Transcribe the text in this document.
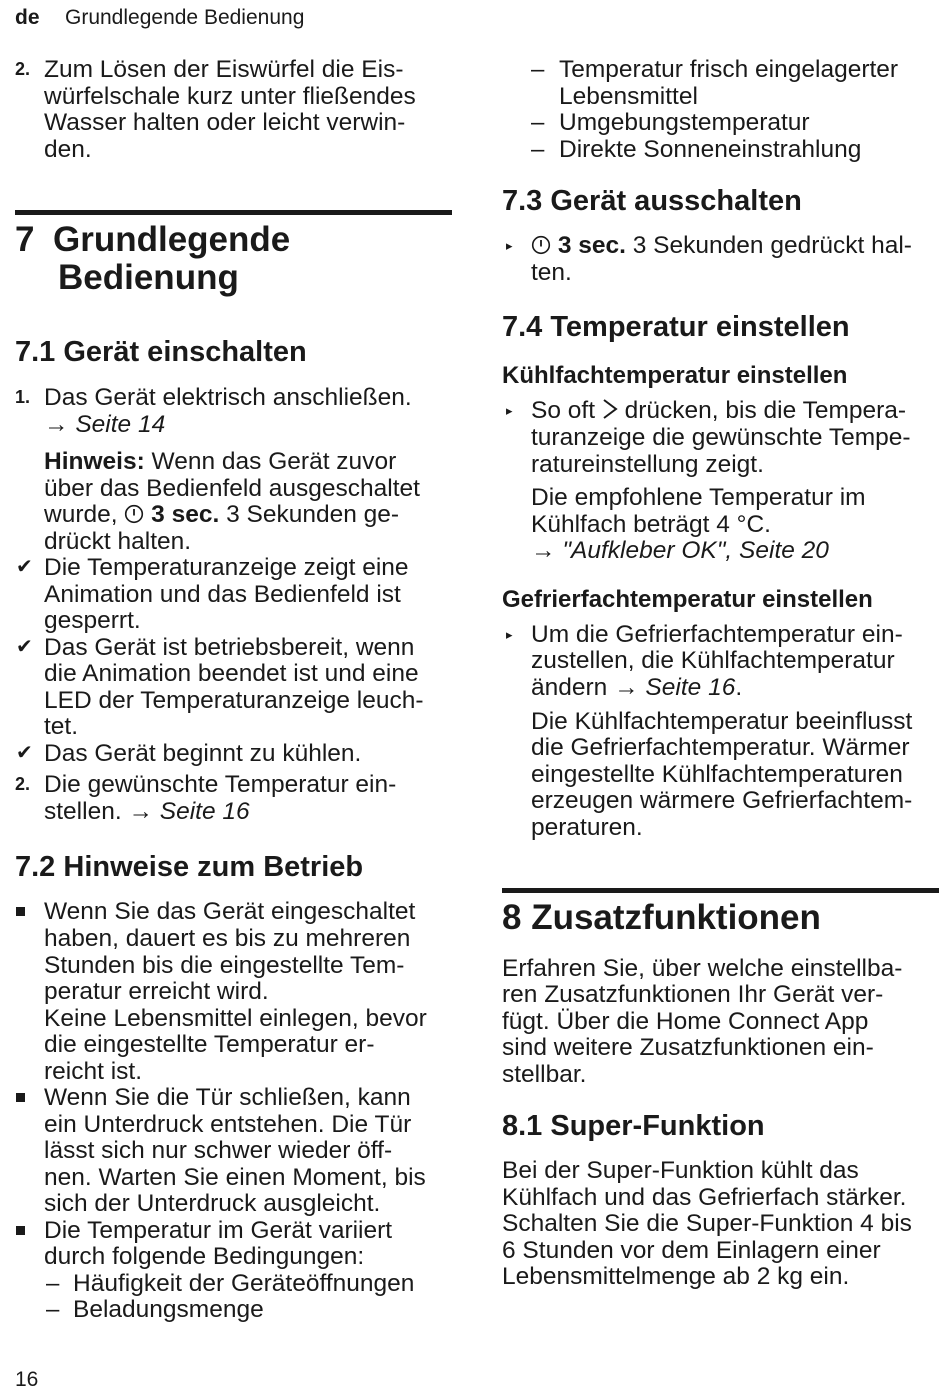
de Grundlegende Bedienung
2. Zum Lösen der Eiswürfel die Eis-
würfelschale kurz unter fließendes
Wasser halten oder leicht verwin-
den.
7 Grundlegende
Bedienung
7.1 Gerät einschalten
1. Das Gerät elektrisch anschließen.
→ Seite 14
Hinweis: Wenn das Gerät zuvor
über das Bedienfeld ausgeschaltet
wurde,  3 sec. 3 Sekunden ge-
drückt halten.
✔ Die Temperaturanzeige zeigt eine
Animation und das Bedienfeld ist
gesperrt.
✔ Das Gerät ist betriebsbereit, wenn
die Animation beendet ist und eine
LED der Temperaturanzeige leuch-
tet.
✔ Das Gerät beginnt zu kühlen.
2. Die gewünschte Temperatur ein-
stellen. → Seite 16
7.2 Hinweise zum Betrieb
Wenn Sie das Gerät eingeschaltet
haben, dauert es bis zu mehreren
Stunden bis die eingestellte Tem-
peratur erreicht wird.
Keine Lebensmittel einlegen, bevor
die eingestellte Temperatur er-
reicht ist.
Wenn Sie die Tür schließen, kann
ein Unterdruck entstehen. Die Tür
lässt sich nur schwer wieder öff-
nen. Warten Sie einen Moment, bis
sich der Unterdruck ausgleicht.
Die Temperatur im Gerät variiert
durch folgende Bedingungen:
– Häufigkeit der Geräteöffnungen
– Beladungsmenge
– Temperatur frisch eingelagerter
Lebensmittel
– Umgebungstemperatur
– Direkte Sonneneinstrahlung
7.3 Gerät ausschalten
▸	3 sec. 3 Sekunden gedrückt hal-
ten.
7.4 Temperatur einstellen
Kühlfachtemperatur einstellen
▸ So oft  drücken, bis die Tempera-
turanzeige die gewünschte Tempe-
ratureinstellung zeigt.
Die empfohlene Temperatur im
Kühlfach beträgt 4 °C.
→ "Aufkleber OK", Seite 20
Gefrierfachtemperatur einstellen
▸ Um die Gefrierfachtemperatur ein-
zustellen, die Kühlfachtemperatur
ändern → Seite 16.
Die Kühlfachtemperatur beeinflusst
die Gefrierfachtemperatur. Wärmer
eingestellte Kühlfachtemperaturen
erzeugen wärmere Gefrierfachtem-
peraturen.
8 Zusatzfunktionen
Erfahren Sie, über welche einstellba-
ren Zusatzfunktionen Ihr Gerät ver-
fügt. Über die Home Connect App
sind weitere Zusatzfunktionen ein-
stellbar.
8.1 Super-Funktion
Bei der Super-Funktion kühlt das
Kühlfach und das Gefrierfach stärker.
Schalten Sie die Super-Funktion 4 bis
6 Stunden vor dem Einlagern einer
Lebensmittelmenge ab 2 kg ein.
16
